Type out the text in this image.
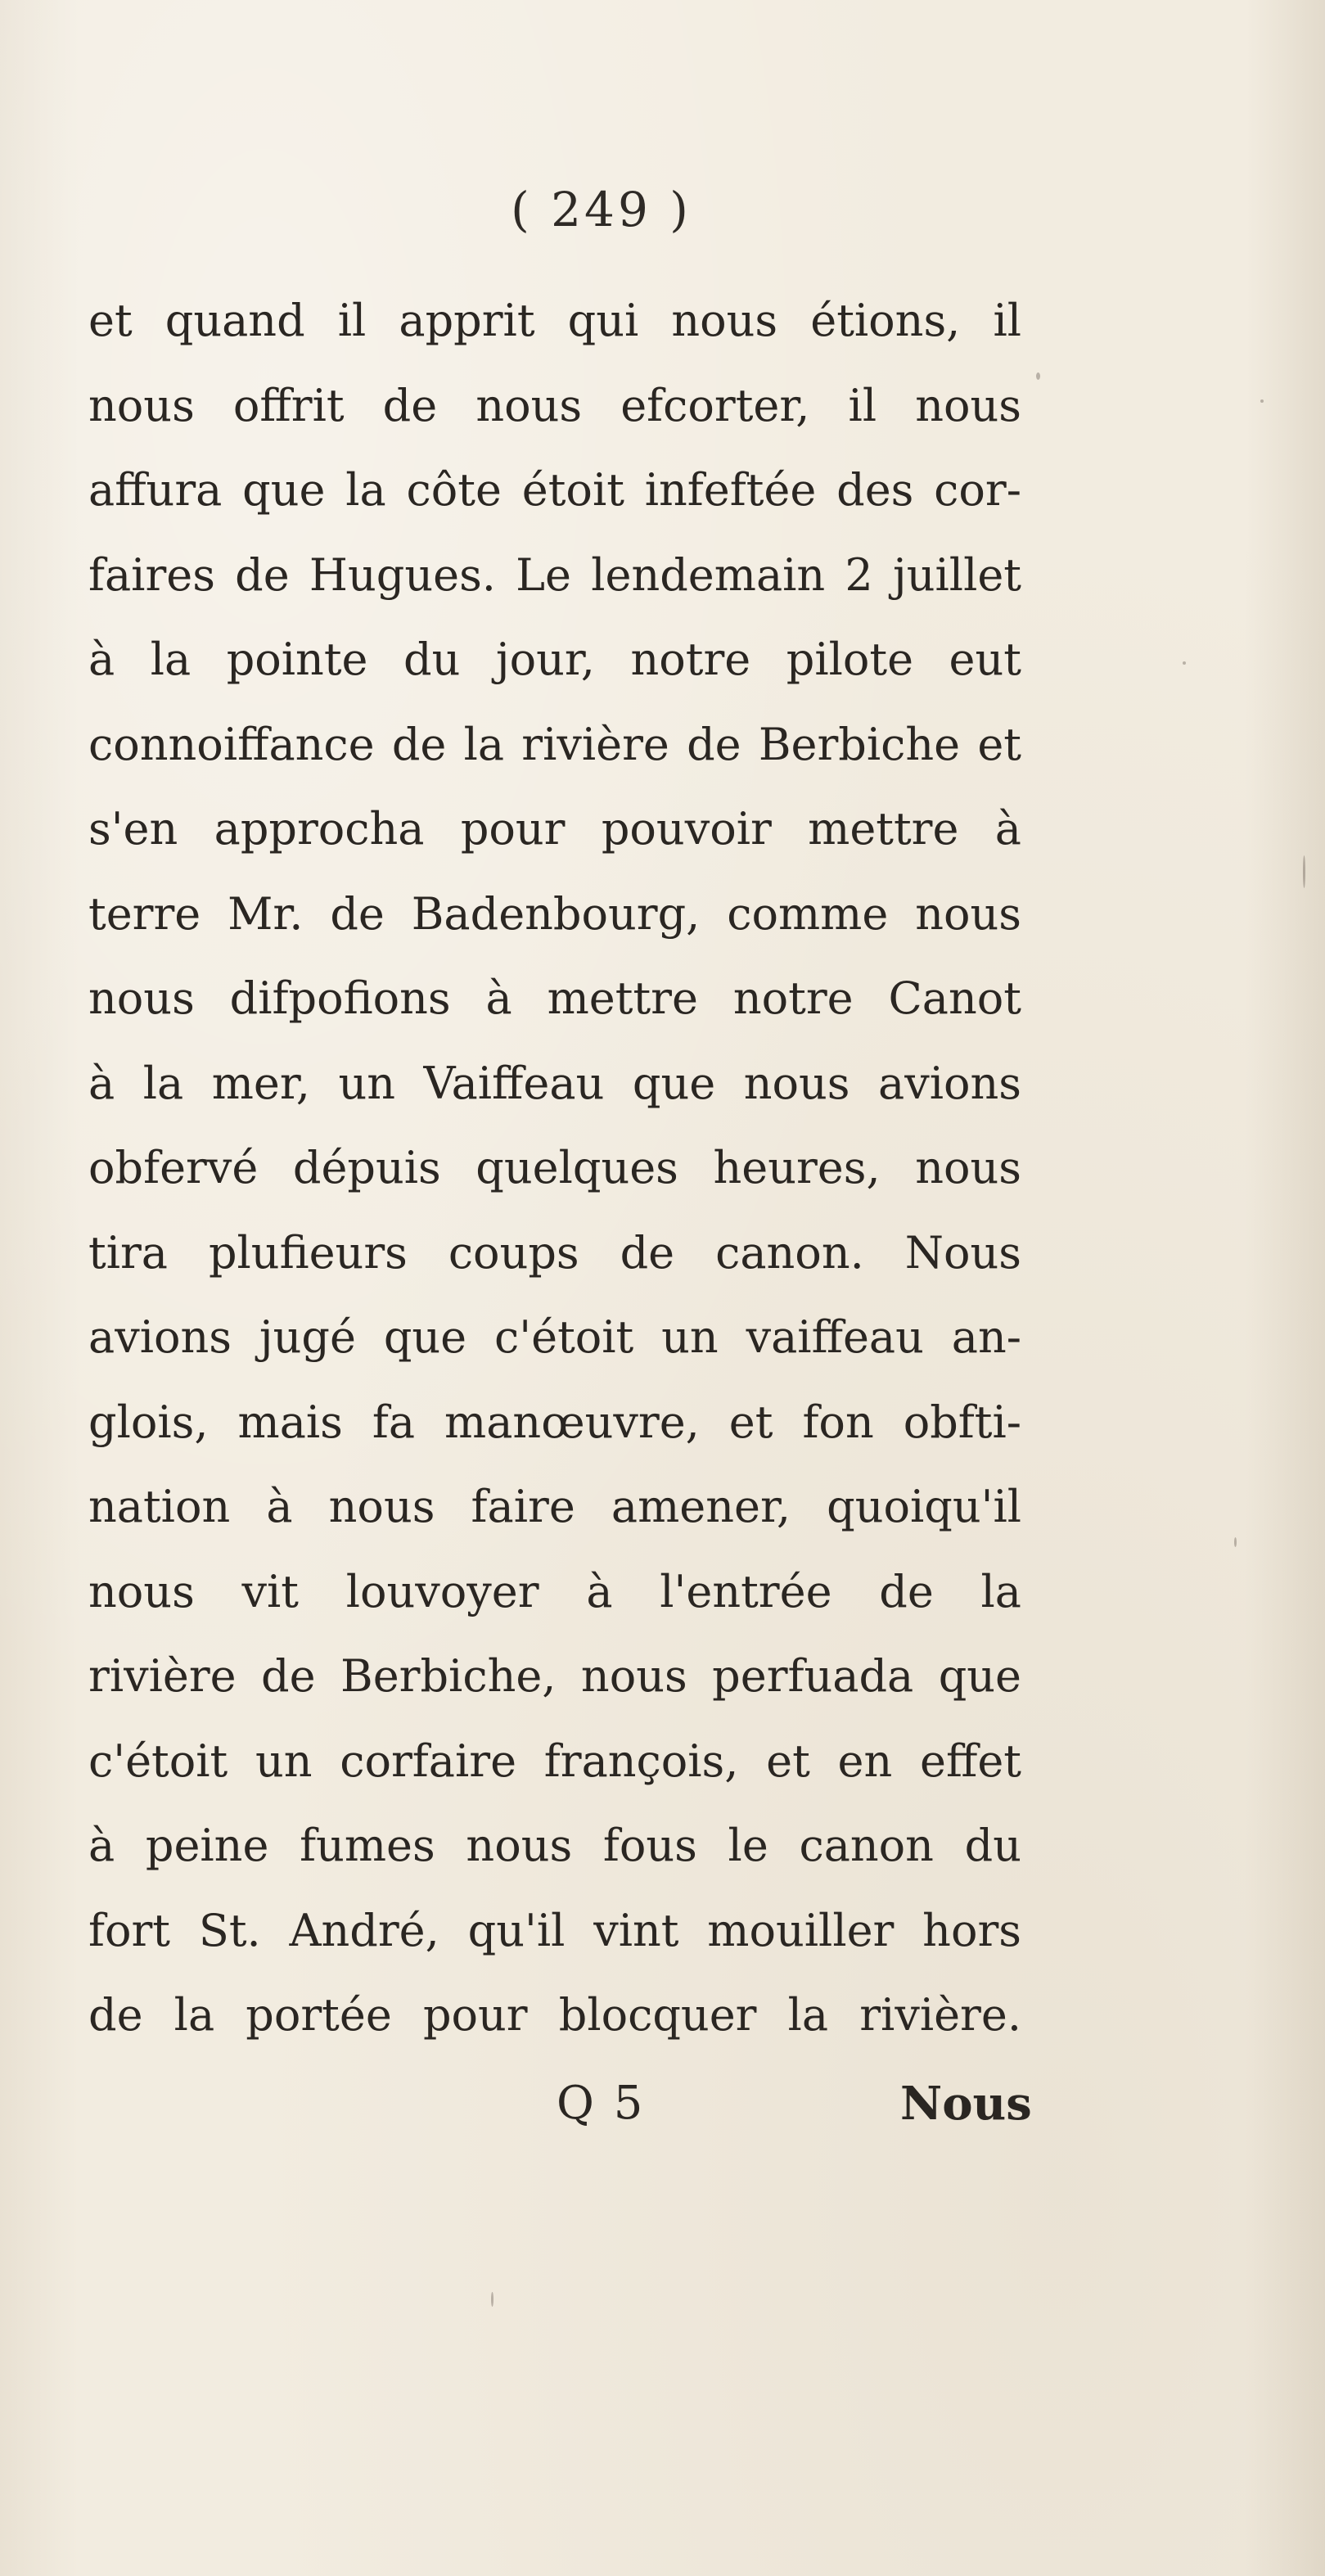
( 249 )
et quand il apprit qui nous étions, il
nous offrit de nous efcorter, il nous
affura que la côte étoit infeftée des cor-
faires de Hugues. Le lendemain 2 juillet
à la pointe du jour, notre pilote eut
connoiffance de la rivière de Berbiche et
s'en approcha pour pouvoir mettre à
terre Mr. de Badenbourg, comme nous
nous difpofions à mettre notre Canot
à la mer, un Vaiffeau que nous avions
obfervé dépuis quelques heures, nous
tira plufieurs coups de canon. Nous
avions jugé que c'étoit un vaiffeau an-
glois, mais fa manœuvre, et fon obfti-
nation à nous faire amener, quoiqu'il
nous vit louvoyer à l'entrée de la
rivière de Berbiche, nous perfuada que
c'étoit un corfaire françois, et en effet
à peine fumes nous fous le canon du
fort St. André, qu'il vint mouiller hors
de la portée pour blocquer la rivière.
Q 5	Nous
